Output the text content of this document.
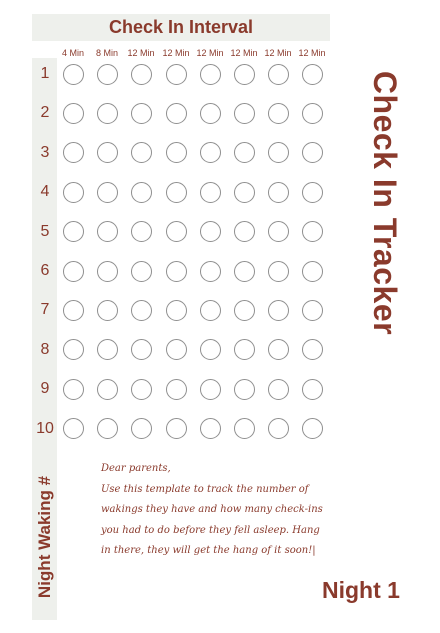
Check In Interval
4 Min	8 Min	12 Min 12 Min 12 Min 12 Min 12 Min 12 Min
1
2
3
4
5
6
7
8
9
10
Night Waking #
Check In Tracker

Dear parents,

Use this template to track the number of

wakings they have and how many check-ins

you had to do before they fell asleep. Hang

in there, they will get the hang of it soon!|

Night 1
